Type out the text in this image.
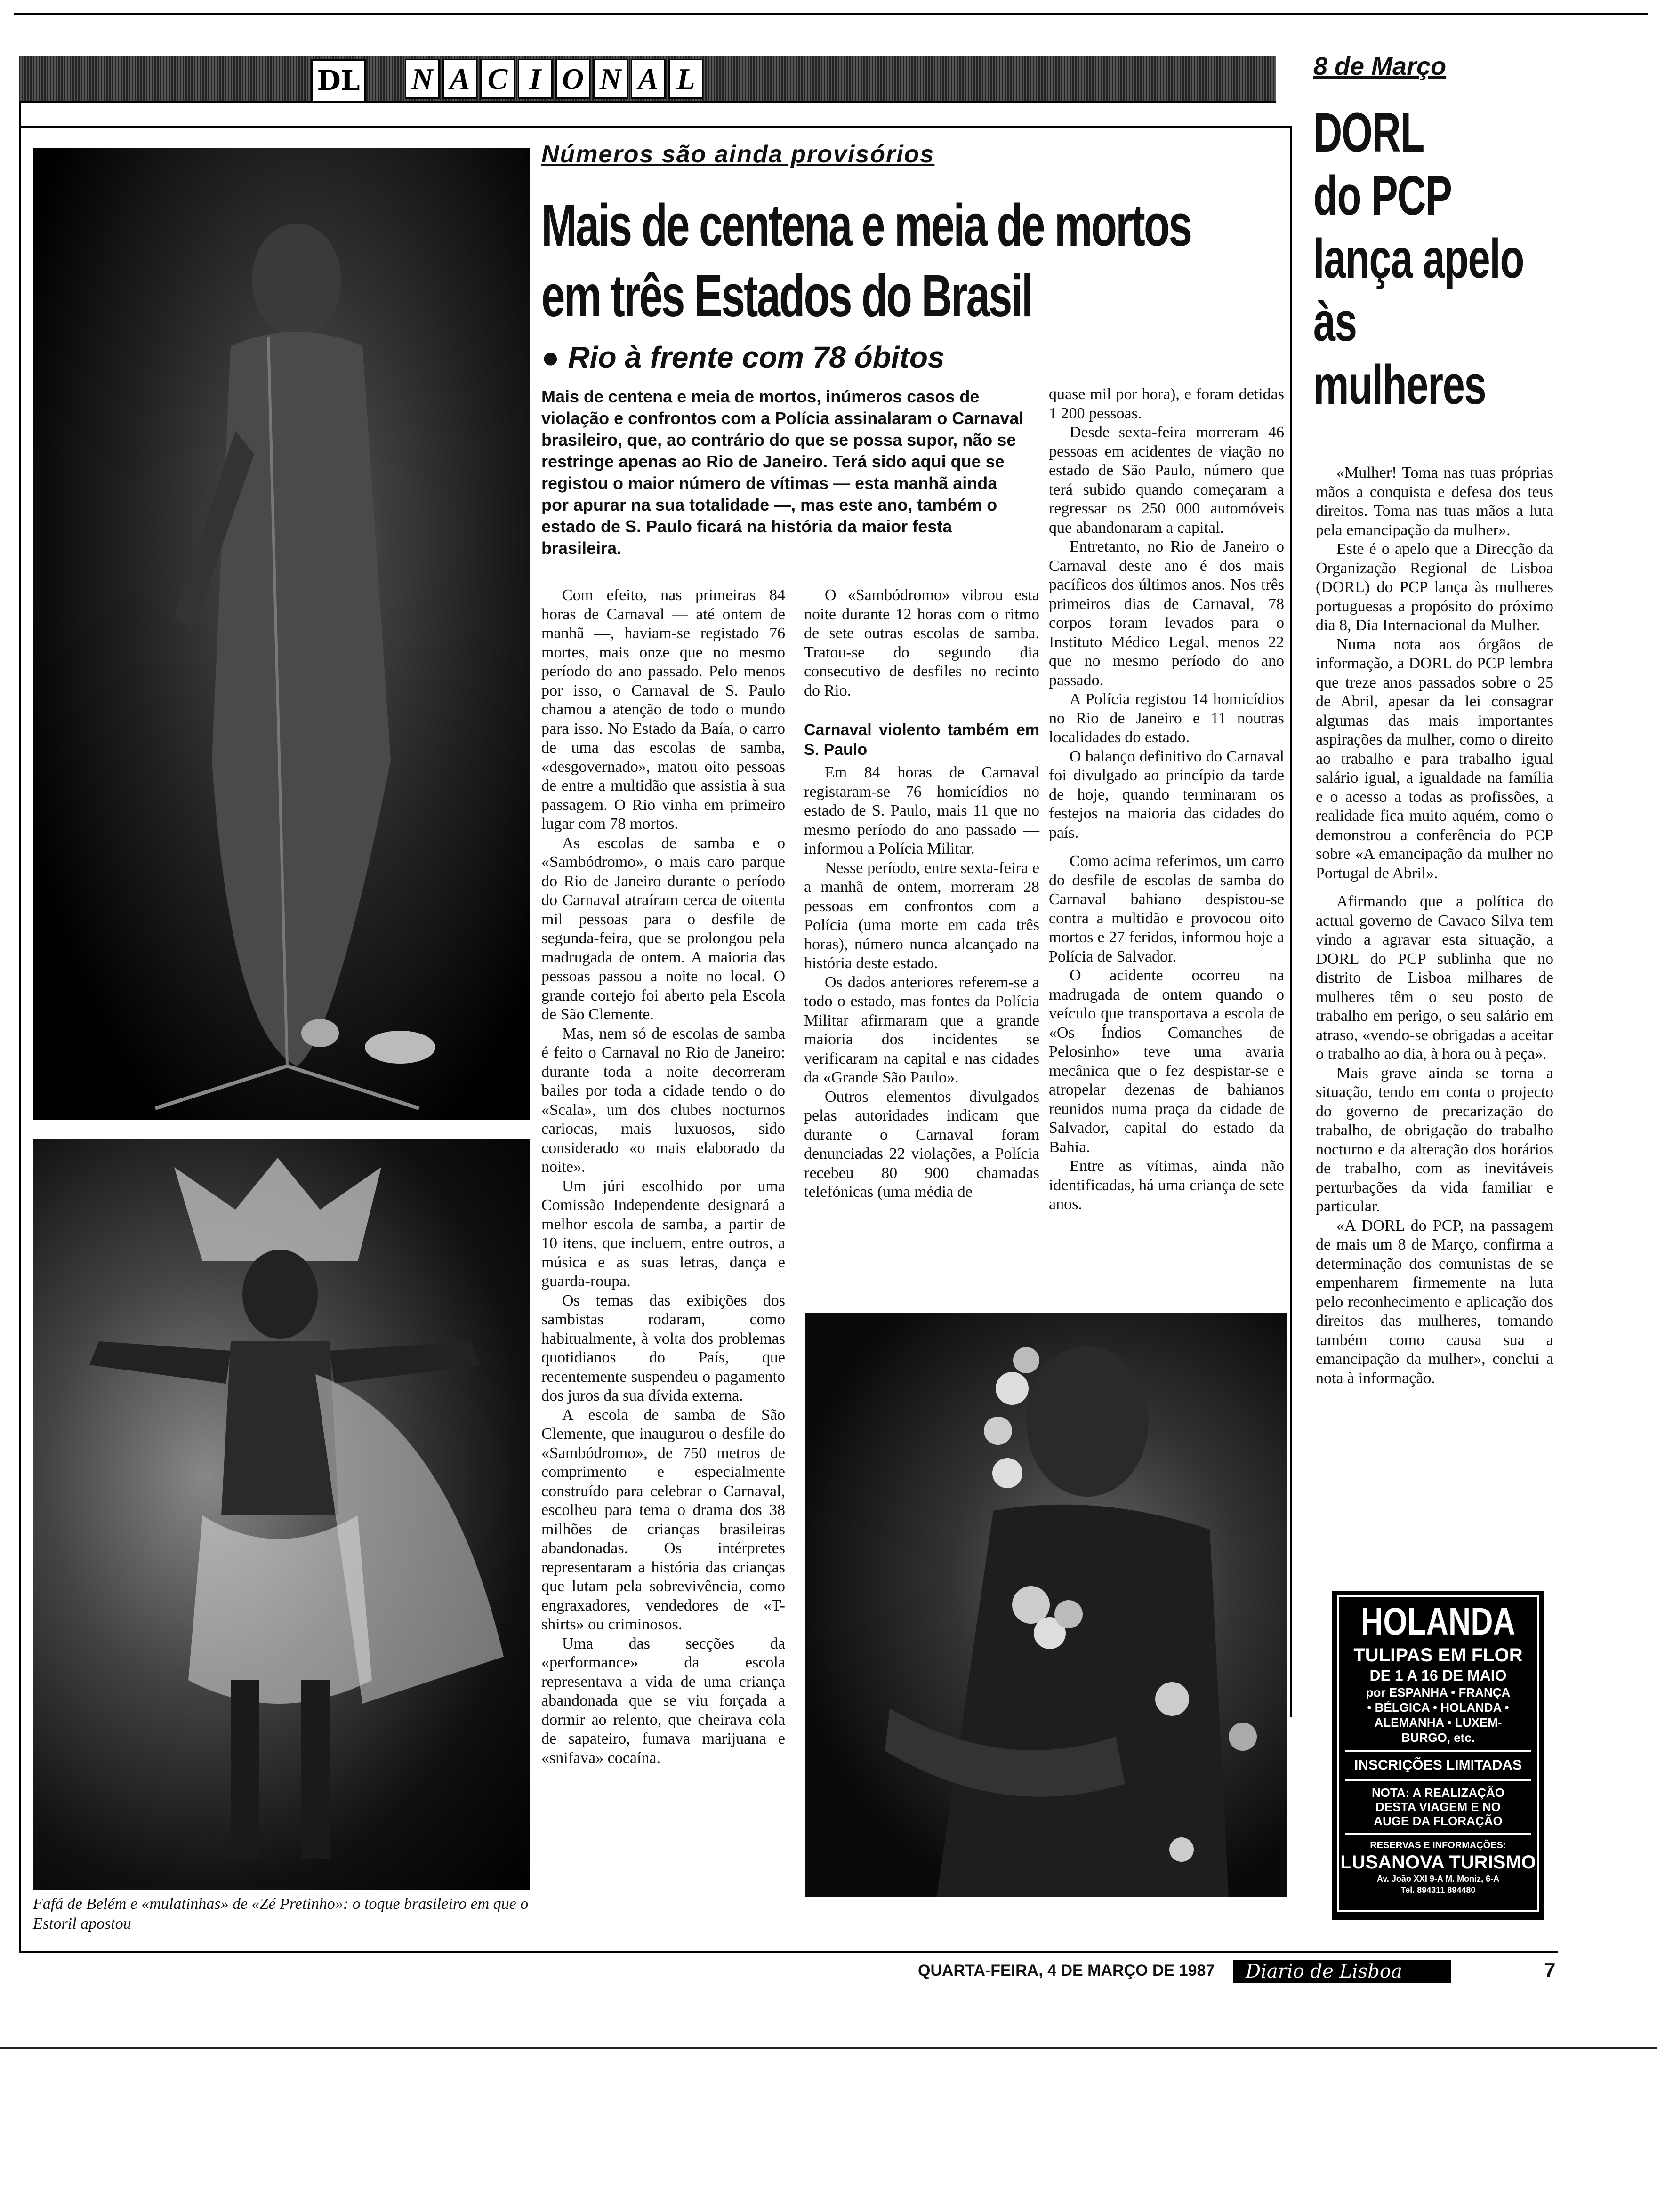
DL N A C I O N A L
Fafá de Belém e «mulatinhas» de «Zé Pretinho»: o toque brasileiro em que o Estoril apostou
Números são ainda provisórios
Mais de centena e meia de mortos
em três Estados do Brasil
● Rio à frente com 78 óbitos
Mais de centena e meia de mortos, inúmeros casos de violação e confrontos com a Polícia assinalaram o Carnaval brasileiro, que, ao contrário do que se possa supor, não se restringe apenas ao Rio de Janeiro. Terá sido aqui que se registou o maior número de vítimas — esta manhã ainda por apurar na sua totalidade —, mas este ano, também o estado de S. Paulo ficará na história da maior festa brasileira.

Com efeito, nas primeiras 84 horas de Carnaval — até ontem de manhã —, haviam-se registado 76 mortes, mais onze que no mesmo período do ano passado. Pelo menos por isso, o Carnaval de S. Paulo chamou a atenção de todo o mundo para isso. No Estado da Baía, o carro de uma das escolas de samba, «desgovernado», matou oito pessoas de entre a multidão que assistia à sua passagem. O Rio vinha em primeiro lugar com 78 mortos.

As escolas de samba e o «Sambódromo», o mais caro parque do Rio de Janeiro durante o período do Carnaval atraíram cerca de oitenta mil pessoas para o desfile de segunda-feira, que se prolongou pela madrugada de ontem. A maioria das pessoas passou a noite no local. O grande cortejo foi aberto pela Escola de São Clemente.

Mas, nem só de escolas de samba é feito o Carnaval no Rio de Janeiro: durante toda a noite decorreram bailes por toda a cidade tendo o do «Scala», um dos clubes nocturnos cariocas, mais luxuosos, sido considerado «o mais elaborado da noite».

Um júri escolhido por uma Comissão Independente designará a melhor escola de samba, a partir de 10 itens, que incluem, entre outros, a música e as suas letras, dança e guarda-roupa.

Os temas das exibições dos sambistas rodaram, como habitualmente, à volta dos problemas quotidianos do País, que recentemente suspendeu o pagamento dos juros da sua dívida externa.

A escola de samba de São Clemente, que inaugurou o desfile do «Sambódromo», de 750 metros de comprimento e especialmente construído para celebrar o Carnaval, escolheu para tema o drama dos 38 milhões de crianças brasileiras abandonadas. Os intérpretes representaram a história das crianças que lutam pela sobrevivência, como engraxadores, vendedores de «T-shirts» ou criminosos.

Uma das secções da «performance» da escola representava a vida de uma criança abandonada que se viu forçada a dormir ao relento, que cheirava cola de sapateiro, fumava marijuana e «snifava» cocaína.

O «Sambódromo» vibrou esta noite durante 12 horas com o ritmo de sete outras escolas de samba. Tratou-se do segundo dia consecutivo de desfiles no recinto do Rio.

Carnaval violento também em S. Paulo

Em 84 horas de Carnaval registaram-se 76 homicídios no estado de S. Paulo, mais 11 que no mesmo período do ano passado — informou a Polícia Militar.

Nesse período, entre sexta-feira e a manhã de ontem, morreram 28 pessoas em confrontos com a Polícia (uma morte em cada três horas), número nunca alcançado na história deste estado.

Os dados anteriores referem-se a todo o estado, mas fontes da Polícia Militar afirmaram que a grande maioria dos incidentes se verificaram na capital e nas cidades da «Grande São Paulo».

Outros elementos divulgados pelas autoridades indicam que durante o Carnaval foram denunciadas 22 violações, a Polícia recebeu 80 900 chamadas telefónicas (uma média de

quase mil por hora), e foram detidas 1 200 pessoas.

Desde sexta-feira morreram 46 pessoas em acidentes de viação no estado de São Paulo, número que terá subido quando começaram a regressar os 250 000 automóveis que abandonaram a capital.

Entretanto, no Rio de Janeiro o Carnaval deste ano é dos mais pacíficos dos últimos anos. Nos três primeiros dias de Carnaval, 78 corpos foram levados para o Instituto Médico Legal, menos 22 que no mesmo período do ano passado.

A Polícia registou 14 homicídios no Rio de Janeiro e 11 noutras localidades do estado.

O balanço definitivo do Carnaval foi divulgado ao princípio da tarde de hoje, quando terminaram os festejos na maioria das cidades do país.

Como acima referimos, um carro do desfile de escolas de samba do Carnaval bahiano despistou-se contra a multidão e provocou oito mortos e 27 feridos, informou hoje a Polícia de Salvador.

O acidente ocorreu na madrugada de ontem quando o veículo que transportava a escola de «Os Índios Comanches de Pelosinho» teve uma avaria mecânica que o fez despistar-se e atropelar dezenas de bahianos reunidos numa praça da cidade de Salvador, capital do estado da Bahia.

Entre as vítimas, ainda não identificadas, há uma criança de sete anos.

8 de Março
DORL
do PCP
lança apelo
às
mulheres

«Mulher! Toma nas tuas próprias mãos a conquista e defesa dos teus direitos. Toma nas tuas mãos a luta pela emancipação da mulher».

Este é o apelo que a Direcção da Organização Regional de Lisboa (DORL) do PCP lança às mulheres portuguesas a propósito do próximo dia 8, Dia Internacional da Mulher.

Numa nota aos órgãos de informação, a DORL do PCP lembra que treze anos passados sobre o 25 de Abril, apesar da lei consagrar algumas das mais importantes aspirações da mulher, como o direito ao trabalho e para trabalho igual salário igual, a igualdade na família e o acesso a todas as profissões, a realidade fica muito aquém, como o demonstrou a conferência do PCP sobre «A emancipação da mulher no Portugal de Abril».

Afirmando que a política do actual governo de Cavaco Silva tem vindo a agravar esta situação, a DORL do PCP sublinha que no distrito de Lisboa milhares de mulheres têm o seu posto de trabalho em perigo, o seu salário em atraso, «vendo-se obrigadas a aceitar o trabalho ao dia, à hora ou à peça».

Mais grave ainda se torna a situação, tendo em conta o projecto do governo de precarização do trabalho, de obrigação do trabalho nocturno e da alteração dos horários de trabalho, com as inevitáveis perturbações da vida familiar e particular.

«A DORL do PCP, na passagem de mais um 8 de Março, confirma a determinação dos comunistas de se empenharem firmemente na luta pelo reconhecimento e aplicação dos direitos das mulheres, tomando também como causa sua a emancipação da mulher», conclui a nota à informação.

HOLANDA
TULIPAS EM FLOR
DE 1 A 16 DE MAIO
por ESPANHA • FRANÇA
• BÉLGICA • HOLANDA •
ALEMANHA • LUXEM-
BURGO, etc.
INSCRIÇÕES LIMITADAS
NOTA: A REALIZAÇÃO
DESTA VIAGEM E NO
AUGE DA FLORAÇÃO
RESERVAS E INFORMAÇÕES:
LUSANOVA TURISMO
Av. João XXI 9-A M. Moniz, 6-A
Tel. 894311 894480
QUARTA-FEIRA, 4 DE MARÇO DE 1987	Diario de Lisboa	7
